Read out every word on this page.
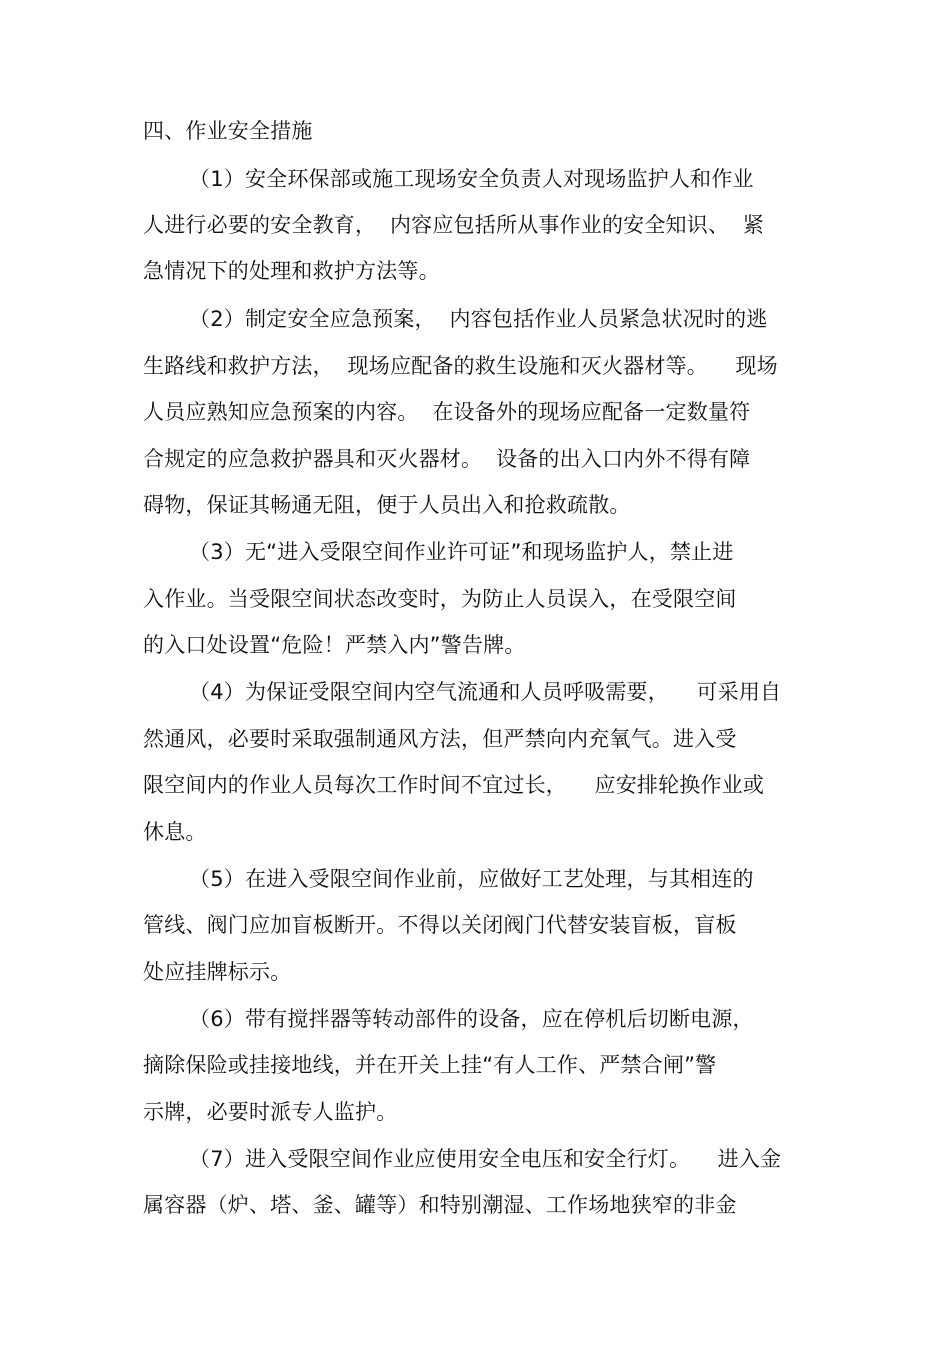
四、作业安全措施
（1）安全环保部或施工现场安全负责人对现场监护人和作业
人进行必要的安全教育，  内容应包括所从事作业的安全知识、  紧
急情况下的处理和救护方法等。
（2）制定安全应急预案，  内容包括作业人员紧急状况时的逃
生路线和救护方法，  现场应配备的救生设施和灭火器材等。    现场
人员应熟知应急预案的内容。  在设备外的现场应配备一定数量符
合规定的应急救护器具和灭火器材。  设备的出入口内外不得有障
碍物，保证其畅通无阻，便于人员出入和抢救疏散。
（3）无“进入受限空间作业许可证”和现场监护人，禁止进
入作业。当受限空间状态改变时，为防止人员误入，在受限空间
的入口处设置“危险！严禁入内”警告牌。
（4）为保证受限空间内空气流通和人员呼吸需要，    可采用自
然通风，必要时采取强制通风方法，但严禁向内充氧气。进入受
限空间内的作业人员每次工作时间不宜过长，    应安排轮换作业或
休息。
（5）在进入受限空间作业前，应做好工艺处理，与其相连的
管线、阀门应加盲板断开。不得以关闭阀门代替安装盲板，盲板
处应挂牌标示。
（6）带有搅拌器等转动部件的设备，应在停机后切断电源，
摘除保险或挂接地线，并在开关上挂“有人工作、严禁合闸”警
示牌，必要时派专人监护。
（7）进入受限空间作业应使用安全电压和安全行灯。    进入金
属容器（炉、塔、釜、罐等）和特别潮湿、工作场地狭窄的非金
